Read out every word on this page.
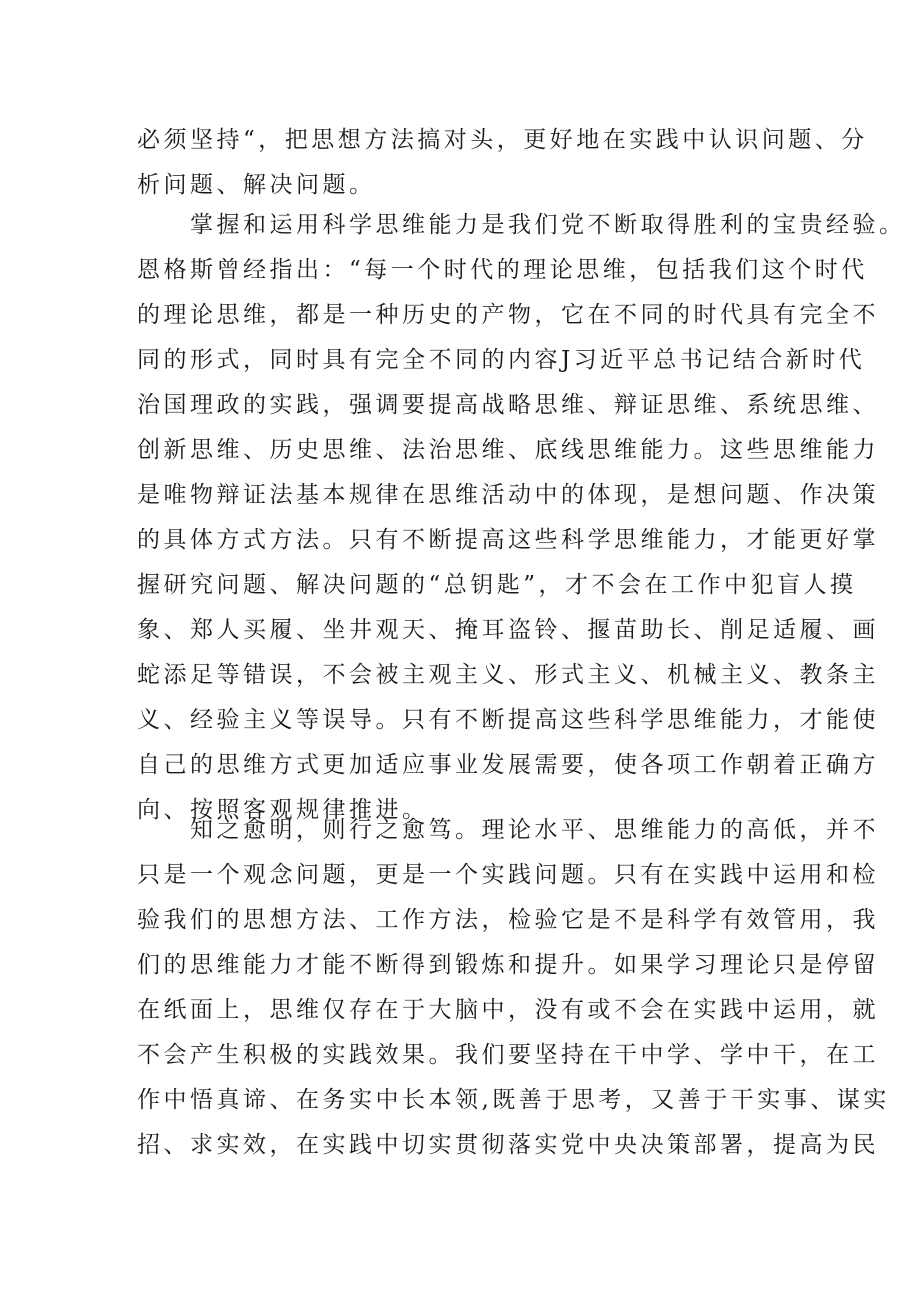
必须坚持“，把思想方法搞对头，更好地在实践中认识问题、分
析问题、解决问题。
　　掌握和运用科学思维能力是我们党不断取得胜利的宝贵经验。
恩格斯曾经指出：“每一个时代的理论思维，包括我们这个时代
的理论思维，都是一种历史的产物，它在不同的时代具有完全不
同的形式，同时具有完全不同的内容J习近平总书记结合新时代
治国理政的实践，强调要提高战略思维、辩证思维、系统思维、
创新思维、历史思维、法治思维、底线思维能力。这些思维能力
是唯物辩证法基本规律在思维活动中的体现，是想问题、作决策
的具体方式方法。只有不断提高这些科学思维能力，才能更好掌
握研究问题、解决问题的“总钥匙”，才不会在工作中犯盲人摸
象、郑人买履、坐井观天、掩耳盗铃、揠苗助长、削足适履、画
蛇添足等错误，不会被主观主义、形式主义、机械主义、教条主
义、经验主义等误导。只有不断提高这些科学思维能力，才能使
自己的思维方式更加适应事业发展需要，使各项工作朝着正确方
向、按照客观规律推进。
　　知之愈明，则行之愈笃。理论水平、思维能力的高低，并不
只是一个观念问题，更是一个实践问题。只有在实践中运用和检
验我们的思想方法、工作方法，检验它是不是科学有效管用，我
们的思维能力才能不断得到锻炼和提升。如果学习理论只是停留
在纸面上，思维仅存在于大脑中，没有或不会在实践中运用，就
不会产生积极的实践效果。我们要坚持在干中学、学中干，在工
作中悟真谛、在务实中长本领,既善于思考，又善于干实事、谋实
招、求实效，在实践中切实贯彻落实党中央决策部署，提高为民
